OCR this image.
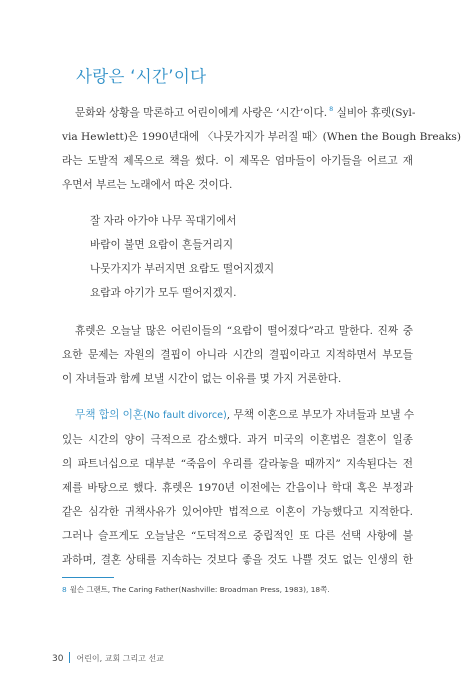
사랑은 ‘시간’이다
문화와 상황을 막론하고 어린이에게 사랑은 ‘시간’이다. $^8$ 실비아 휴렛(Syl-
via Hewlett)은 1990년대에 〈나뭇가지가 부러질 때〉(When the Bough Breaks)
라는 도발적 제목으로 책을 썼다. 이 제목은 엄마들이 아기들을 어르고 재
우면서 부르는 노래에서 따온 것이다.
잘 자라 아가야 나무 꼭대기에서
바람이 불면 요람이 흔들거리지
나뭇가지가 부러지면 요람도 떨어지겠지
요람과 아기가 모두 떨어지겠지.
휴렛은 오늘날 많은 어린이들의 “요람이 떨어졌다”라고 말한다. 진짜 중
요한 문제는 자원의 결핍이 아니라 시간의 결핍이라고 지적하면서 부모들
이 자녀들과 함께 보낼 시간이 없는 이유를 몇 가지 거론한다.
무책 합의 이혼(No fault divorce), 무책 이혼으로 부모가 자녀들과 보낼 수
있는 시간의 양이 극적으로 감소했다. 과거 미국의 이혼법은 결혼이 일종
의 파트너십으로 대부분 “죽음이 우리를 갈라놓을 때까지” 지속된다는 전
제를 바탕으로 했다. 휴렛은 1970년 이전에는 간음이나 학대 혹은 부정과
같은 심각한 귀책사유가 있어야만 법적으로 이혼이 가능했다고 지적한다.
그러나 슬프게도 오늘날은 “도덕적으로 중립적인 또 다른 선택 사항에 불
과하며, 결혼 상태를 지속하는 것보다 좋을 것도 나쁠 것도 없는 인생의 한
8 윌슨 그랜트, The Caring Father(Nashville: Broadman Press, 1983), 18쪽.
30 어린이, 교회 그리고 선교
